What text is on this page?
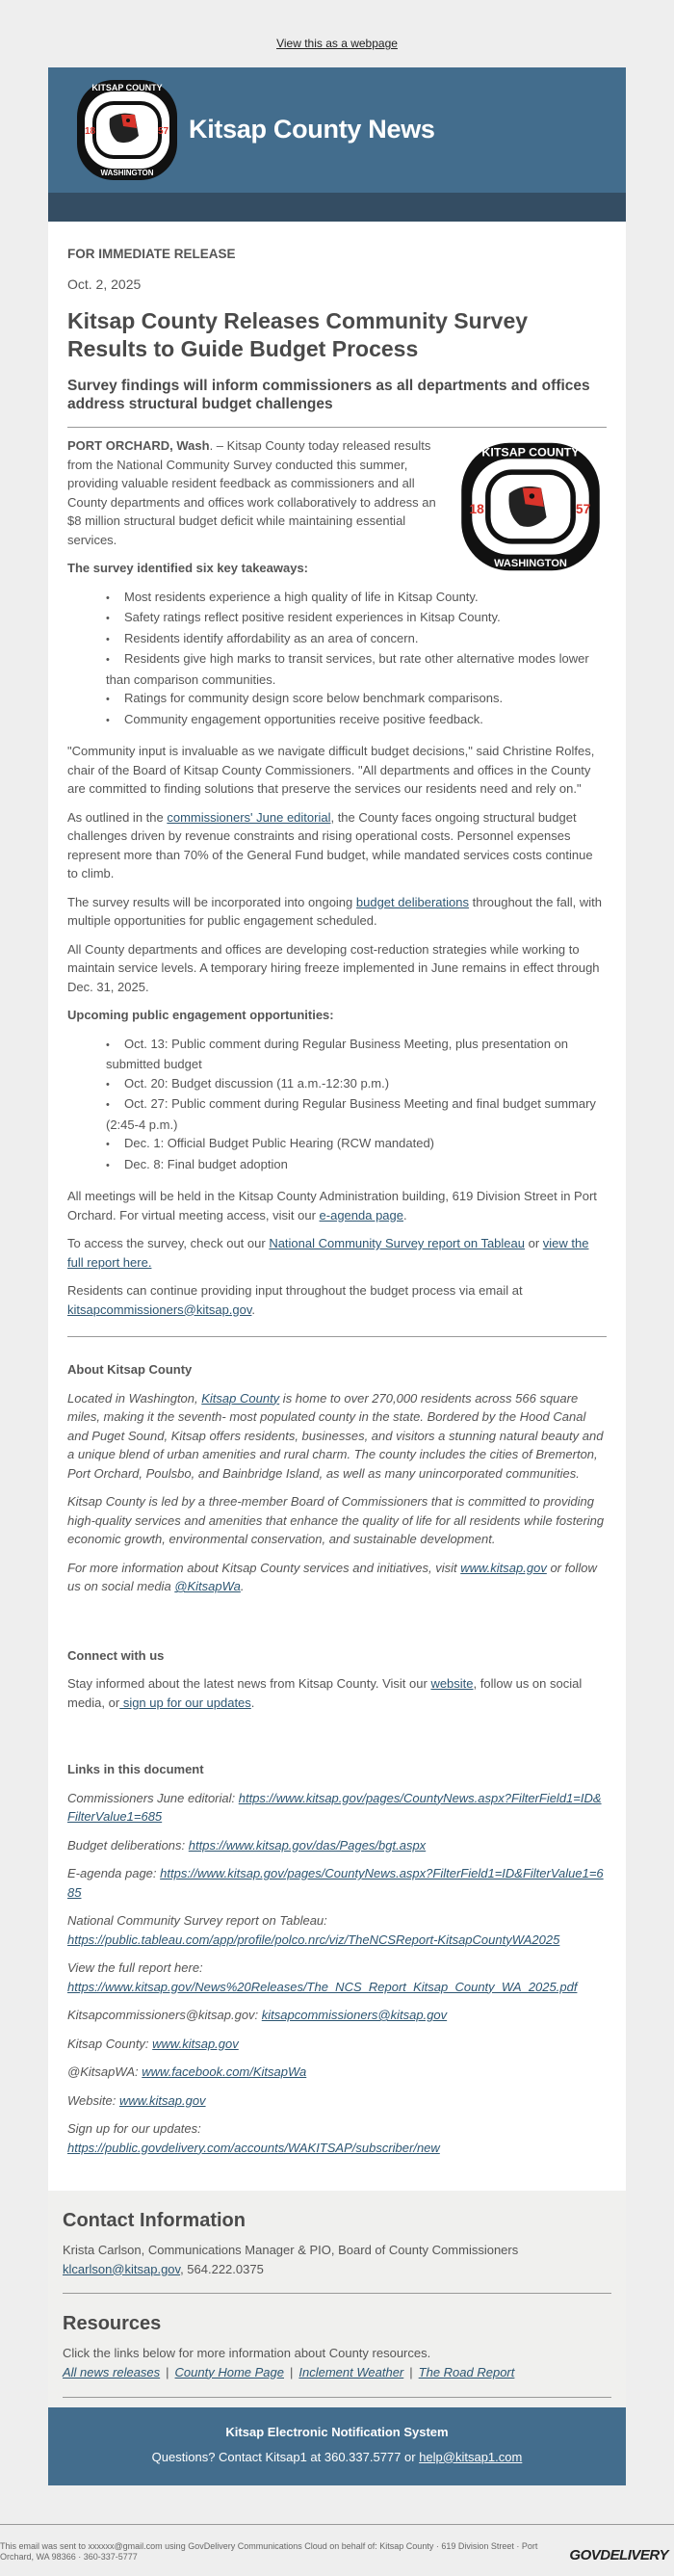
View this as a webpage
KITSAP COUNTY
WASHINGTON
18	57 Kitsap County News
FOR IMMEDIATE RELEASE
Oct. 2, 2025
Kitsap County Releases Community Survey Results to Guide Budget Process
Survey findings will inform commissioners as all departments and offices address structural budget challenges
KITSAP COUNTY
WASHINGTON
18	57

PORT ORCHARD, Wash. – Kitsap County today released results from the National Community Survey conducted this summer, providing valuable resident feedback as commissioners and all County departments and offices work collaboratively to address an $8 million structural budget deficit while maintaining essential services.

The survey identified six key takeaways:
• Most residents experience a high quality of life in Kitsap County.
• Safety ratings reflect positive resident experiences in Kitsap County.
• Residents identify affordability as an area of concern.
• Residents give high marks to transit services, but rate other alternative modes lower than comparison communities.
• Ratings for community design score below benchmark comparisons.
• Community engagement opportunities receive positive feedback.

"Community input is invaluable as we navigate difficult budget decisions," said Christine Rolfes, chair of the Board of Kitsap County Commissioners. "All departments and offices in the County are committed to finding solutions that preserve the services our residents need and rely on."

As outlined in the commissioners' June editorial, the County faces ongoing structural budget challenges driven by revenue constraints and rising operational costs. Personnel expenses represent more than 70% of the General Fund budget, while mandated services costs continue to climb.

The survey results will be incorporated into ongoing budget deliberations throughout the fall, with multiple opportunities for public engagement scheduled.

All County departments and offices are developing cost-reduction strategies while working to maintain service levels. A temporary hiring freeze implemented in June remains in effect through Dec. 31, 2025.

Upcoming public engagement opportunities:
• Oct. 13: Public comment during Regular Business Meeting, plus presentation on submitted budget
• Oct. 20: Budget discussion (11 a.m.-12:30 p.m.)
• Oct. 27: Public comment during Regular Business Meeting and final budget summary (2:45-4 p.m.)
• Dec. 1: Official Budget Public Hearing (RCW mandated)
• Dec. 8: Final budget adoption

All meetings will be held in the Kitsap County Administration building, 619 Division Street in Port Orchard. For virtual meeting access, visit our e-agenda page.

To access the survey, check out our National Community Survey report on Tableau or view the full report here.

Residents can continue providing input throughout the budget process via email at kitsapcommissioners@kitsap.gov.

About Kitsap County

Located in Washington, Kitsap County is home to over 270,000 residents across 566 square miles, making it the seventh- most populated county in the state. Bordered by the Hood Canal and Puget Sound, Kitsap offers residents, businesses, and visitors a stunning natural beauty and a unique blend of urban amenities and rural charm. The county includes the cities of Bremerton, Port Orchard, Poulsbo, and Bainbridge Island, as well as many unincorporated communities.

Kitsap County is led by a three-member Board of Commissioners that is committed to providing high-quality services and amenities that enhance the quality of life for all residents while fostering economic growth, environmental conservation, and sustainable development.

For more information about Kitsap County services and initiatives, visit www.kitsap.gov or follow us on social media @KitsapWa.

Connect with us

Stay informed about the latest news from Kitsap County. Visit our website, follow us on social media, or sign up for our updates.

Links in this document

Commissioners June editorial: https://www.kitsap.gov/pages/CountyNews.aspx?FilterField1=ID&FilterValue1=685

Budget deliberations: https://www.kitsap.gov/das/Pages/bgt.aspx

E-agenda page: https://www.kitsap.gov/pages/CountyNews.aspx?FilterField1=ID&FilterValue1=685

National Community Survey report on Tableau:
https://public.tableau.com/app/profile/polco.nrc/viz/TheNCSReport-KitsapCountyWA2025

View the full report here:
https://www.kitsap.gov/News%20Releases/The_NCS_Report_Kitsap_County_WA_2025.pdf

Kitsapcommissioners@kitsap.gov: kitsapcommissioners@kitsap.gov

Kitsap County: www.kitsap.gov

@KitsapWA: www.facebook.com/KitsapWa

Website: www.kitsap.gov

Sign up for our updates:
https://public.govdelivery.com/accounts/WAKITSAP/subscriber/new

Contact Information
Krista Carlson, Communications Manager & PIO, Board of County Commissioners
klcarlson@kitsap.gov, 564.222.0375
Resources
Click the links below for more information about County resources.
All news releases | County Home Page | Inclement Weather | The Road Report
Kitsap Electronic Notification System
Questions? Contact Kitsap1 at 360.337.5777 or help@kitsap1.com
This email was sent to xxxxxx@gmail.com using GovDelivery Communications Cloud on behalf of: Kitsap County · 619 Division Street · Port Orchard, WA 98366 · 360-337-5777	GOVDELIVERY
